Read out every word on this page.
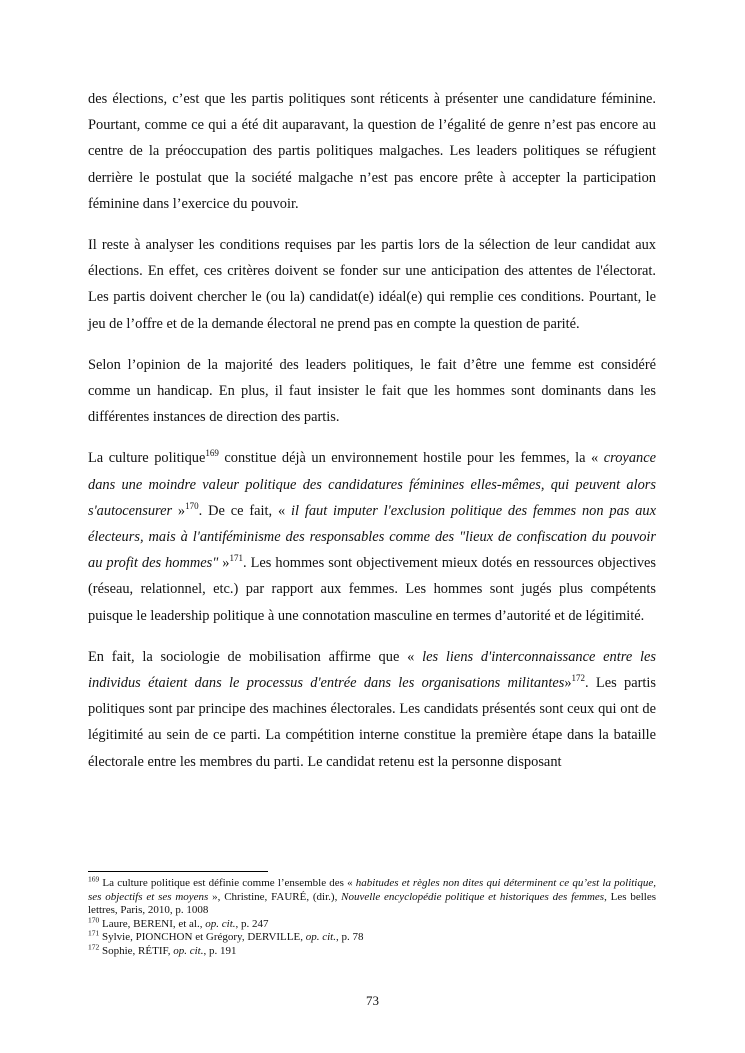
des élections, c’est que les partis politiques sont réticents à présenter une candidature féminine. Pourtant, comme ce qui a été dit auparavant, la question de l’égalité de genre n’est pas encore au centre de la préoccupation des partis politiques malgaches. Les leaders politiques se réfugient derrière le postulat que la société malgache n’est pas encore prête à accepter la participation féminine dans l’exercice du pouvoir.

Il reste à analyser les conditions requises par les partis lors de la sélection de leur candidat aux élections. En effet, ces critères doivent se fonder sur une anticipation des attentes de l'électorat. Les partis doivent chercher le (ou la) candidat(e) idéal(e) qui remplie ces conditions. Pourtant, le jeu de l’offre et de la demande électoral ne prend pas en compte la question de parité.

Selon l’opinion de la majorité des leaders politiques, le fait d’être une femme est considéré comme un handicap. En plus, il faut insister le fait que les hommes sont dominants dans les différentes instances de direction des partis.

La culture politique$^{169}$ constitue déjà un environnement hostile pour les femmes, la « croyance dans une moindre valeur politique des candidatures féminines elles-mêmes, qui peuvent alors s'autocensurer »$^{170}$. De ce fait, « il faut imputer l'exclusion politique des femmes non pas aux électeurs, mais à l'antiféminisme des responsables comme des "lieux de confiscation du pouvoir au profit des hommes" »$^{171}$. Les hommes sont objectivement mieux dotés en ressources objectives (réseau, relationnel, etc.) par rapport aux femmes. Les hommes sont jugés plus compétents puisque le leadership politique à une connotation masculine en termes d’autorité et de légitimité.

En fait, la sociologie de mobilisation affirme que « les liens d'interconnaissance entre les individus étaient dans le processus d'entrée dans les organisations militantes»$^{172}$. Les partis politiques sont par principe des machines électorales. Les candidats présentés sont ceux qui ont de légitimité au sein de ce parti. La compétition interne constitue la première étape dans la bataille électorale entre les membres du parti. Le candidat retenu est la personne disposant

$^{169}$ La culture politique est définie comme l’ensemble des « habitudes et règles non dites qui déterminent ce qu’est la politique, ses objectifs et ses moyens », Christine, FAURÉ, (dir.), Nouvelle encyclopédie politique et historiques des femmes, Les belles lettres, Paris, 2010, p. 1008

$^{170}$ Laure, BERENI, et al., op. cit., p. 247

$^{171}$ Sylvie, PIONCHON et Grégory, DERVILLE, op. cit., p. 78

$^{172}$ Sophie, RÉTIF, op. cit., p. 191

73
